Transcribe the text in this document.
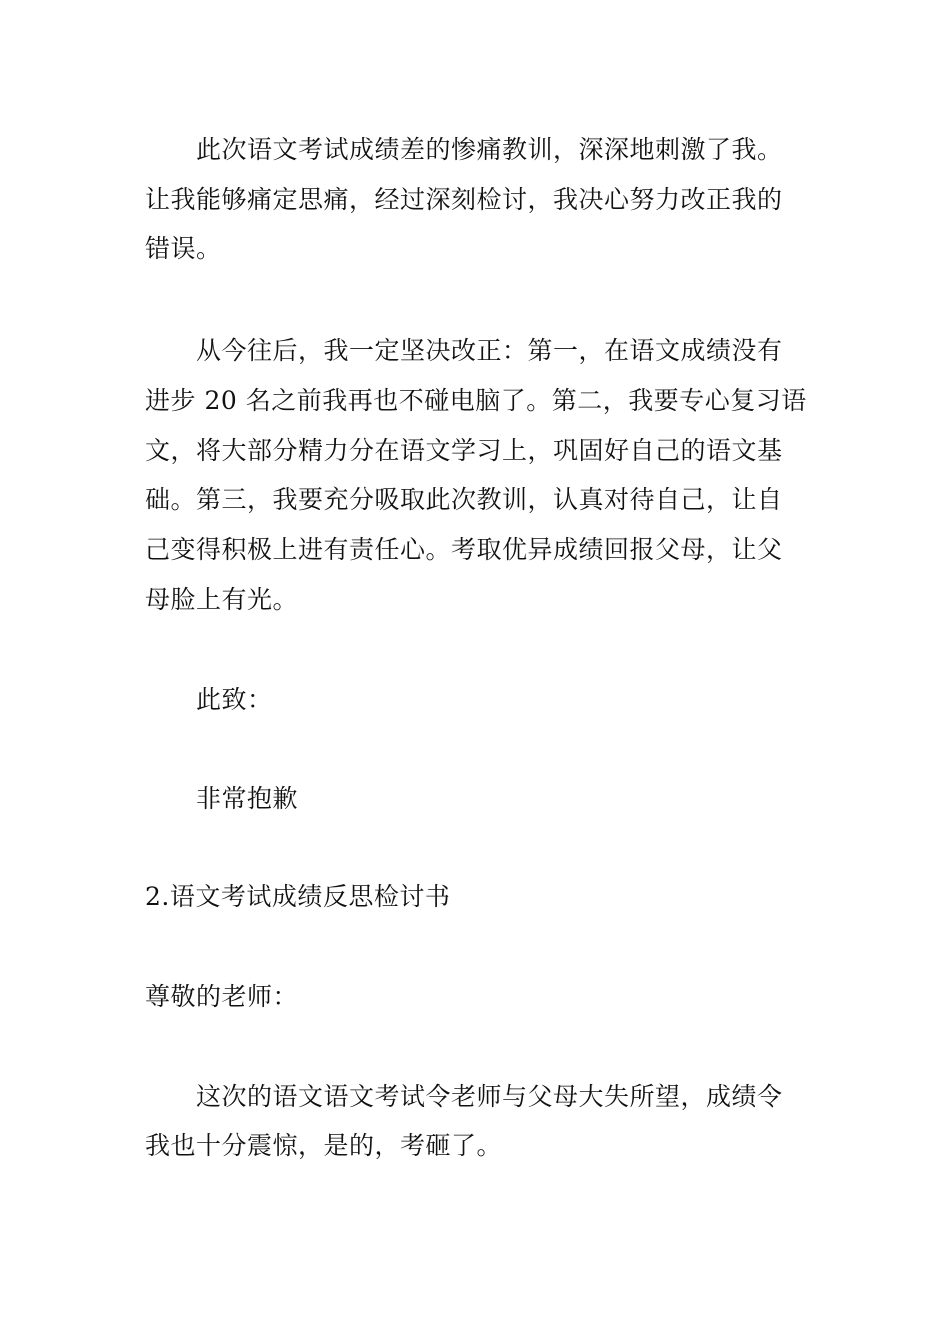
此次语文考试成绩差的惨痛教训，深深地刺激了我。
让我能够痛定思痛，经过深刻检讨，我决心努力改正我的
错误。
从今往后，我一定坚决改正：第一，在语文成绩没有
进步 20 名之前我再也不碰电脑了。第二，我要专心复习语
文，将大部分精力分在语文学习上，巩固好自己的语文基
础。第三，我要充分吸取此次教训，认真对待自己，让自
己变得积极上进有责任心。考取优异成绩回报父母，让父
母脸上有光。
此致：
非常抱歉
2.语文考试成绩反思检讨书
尊敬的老师：
这次的语文语文考试令老师与父母大失所望，成绩令
我也十分震惊，是的，考砸了。
